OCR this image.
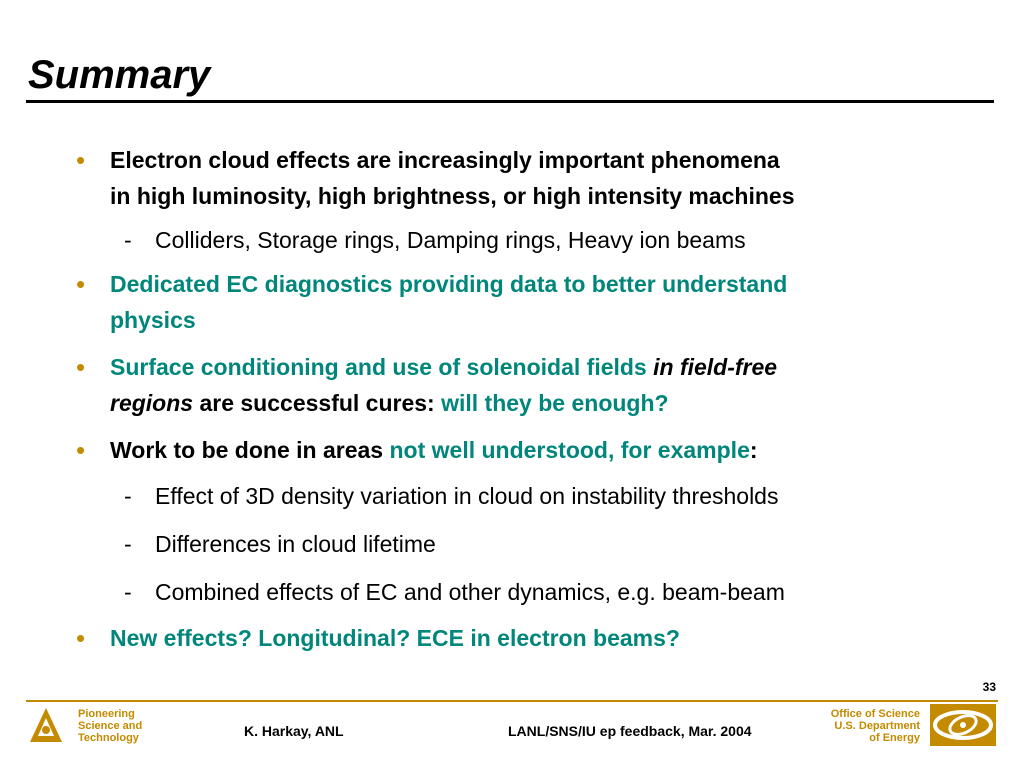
Summary
•	Electron cloud effects are increasingly important phenomena
in high luminosity, high brightness, or high intensity machines
- Colliders, Storage rings, Damping rings, Heavy ion beams
•	Dedicated EC diagnostics providing data to better understand
physics
•	Surface conditioning and use of solenoidal fields in field-free
regions are successful cures: will they be enough?
•	Work to be done in areas not well understood, for example:
- Effect of 3D density variation in cloud on instability thresholds
- Differences in cloud lifetime
- Combined effects of EC and other dynamics, e.g. beam-beam
•	New effects? Longitudinal? ECE in electron beams?
33
Pioneering
Science and
Technology	K. Harkay, ANL	LANL/SNS/IU ep feedback, Mar. 2004
Office of Science
U.S. Department
of Energy
